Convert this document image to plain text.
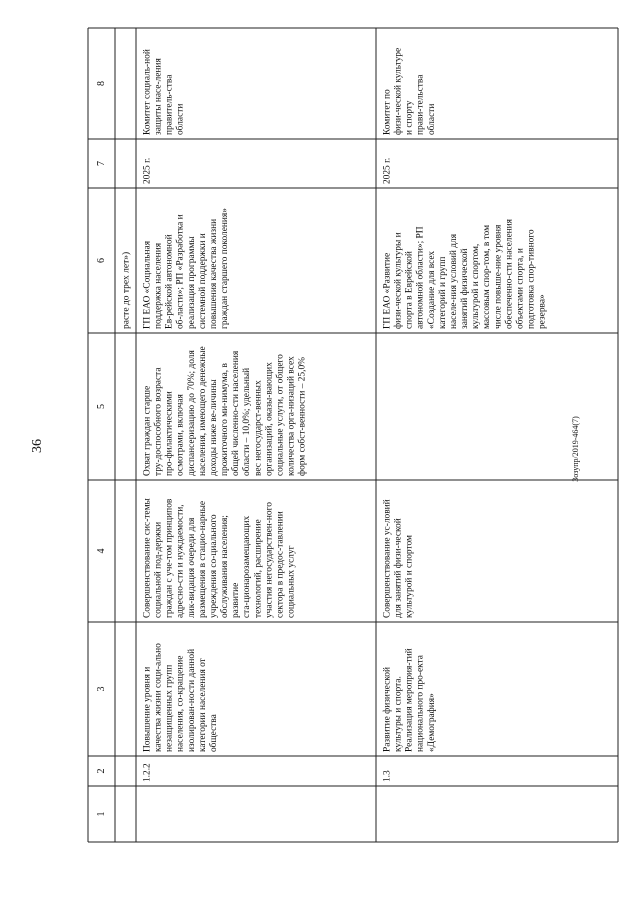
36	Зозупр/2019-464(7)
1
2
3
4
5
6
7
8
расте до трех лет»)
1.2.2
Повышение уровня и качества жизни соци-ально незащищенных групп населения, со-кращение изолирован-ности данной категории населения от общества
Совершенствование сис-темы социальной под-держки граждан с уче-том принципов адресно-сти и нуждаемости, лик-видация очереди для размещения в стацио-нарные учреждения со-циального обслуживания населения; развитие ста-ционарозамещающих технологий, расширение участия негосударствен-ного сектора в предос-тавлении социальных услуг
Охват граждан старше тру-доспособного возраста про-филактическими осмотрами, включая диспансеризацию до 70%; доля населения, имеющего денежные доходы ниже ве-личины прожиточного ми-нимума, в общей численно-сти населения области – 10,0%; удельный вес негосударст-венных организаций, оказы-вающих социальные услуги, от общего количества орга-низаций всех форм собст-венности – 25,0%
ГП ЕАО «Социальная поддержка населения Ев-рейской автономной об-ласти»; РП «Разработка и реализация программы системной поддержки и повышения качества жизни граждан старшего поколения»
2025 г.
Комитет социаль-ной защиты насе-ления правитель-ства области
1.3
Развитие физической культуры и спорта. Реализация мероприя-тий национального про-екта «Демография»
Совершенствование ус-ловий для занятий физи-ческой культурой и спортом
ГП ЕАО «Развитие физи-ческой культуры и спорта в Еврейской автономной области»; РП «Создание для всех категорий и групп населе-ния условий для занятий физической культурой и спортом, массовым спор-том, в том числе повыше-ние уровня обеспеченно-сти населения объектами спорта, и подготовка спор-тивного резерва»
2025 г.
Комитет по физи-ческой культуре и спорту прави-тельства области
